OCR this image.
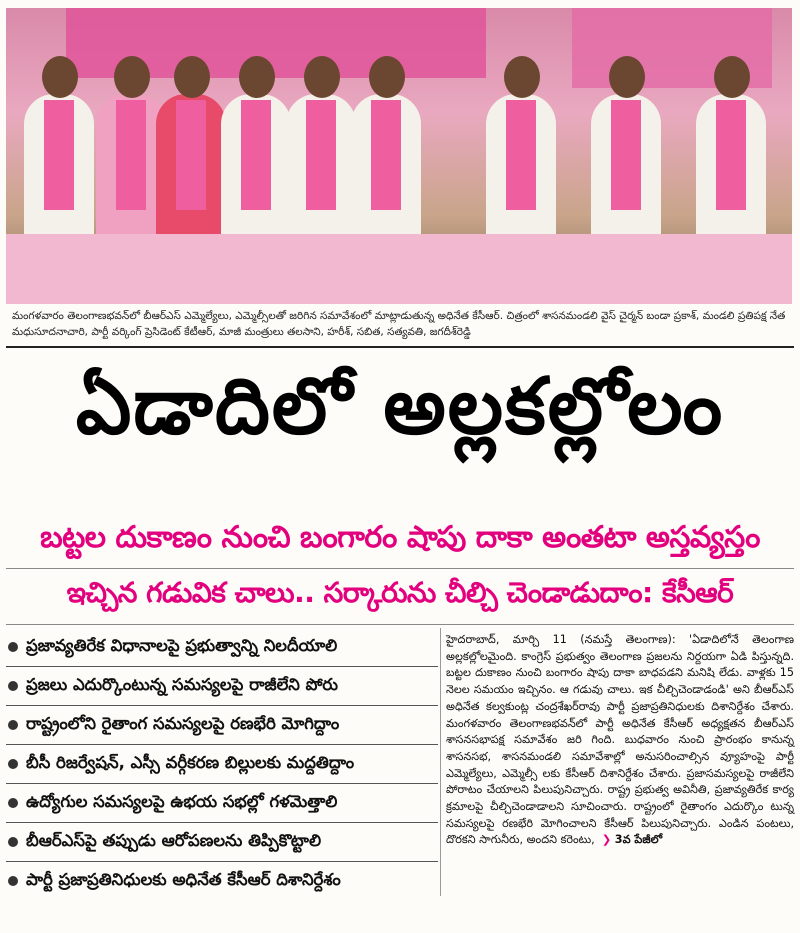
మంగళవారం తెలంగాణభవన్‌లో బీఆర్ఎస్ ఎమ్మెల్యేలు, ఎమ్మెల్సీలతో జరిగిన సమావేశంలో మాట్లాడుతున్న అధినేత కేసీఆర్. చిత్రంలో శాసనమండలి వైస్ చైర్మన్ బండా ప్రకాశ్, మండలి ప్రతిపక్ష నేత మధుసూదనాచారి, పార్టీ వర్కింగ్ ప్రెసిడెంట్ కేటీఆర్, మాజీ మంత్రులు తలసాని, హరీశ్, సబిత, సత్యవతి, జగదీశ్‌రెడ్డి
ఏడాదిలో అల్లకల్లోలం
బట్టల దుకాణం నుంచి బంగారం షాపు దాకా అంతటా అస్తవ్యస్తం
ఇచ్చిన గడువిక చాలు.. సర్కారును చీల్చి చెండాడుదాం: కేసీఆర్
ప్రజావ్యతిరేక విధానాలపై ప్రభుత్వాన్ని నిలదీయాలి
ప్రజలు ఎదుర్కొంటున్న సమస్యలపై రాజీలేని పోరు
రాష్ట్రంలోని రైతాంగ సమస్యలపై రణభేరి మోగిద్దాం
బీసీ రిజర్వేషన్, ఎస్సీ వర్గీకరణ బిల్లులకు మద్దతిద్దాం
ఉద్యోగుల సమస్యలపై ఉభయ సభల్లో గళమెత్తాలి
బీఆర్ఎస్‌పై తప్పుడు ఆరోపణలను తిప్పికొట్టాలి
పార్టీ ప్రజాప్రతినిధులకు అధినేత కేసీఆర్ దిశానిర్దేశం
హైదరాబాద్, మార్చి 11 (నమస్తే తెలంగాణ): 'ఏడాదిలోనే తెలంగాణ అల్లకల్లోలమైంది. కాంగ్రెస్ ప్రభుత్వం తెలంగాణ ప్రజలను నిర్దయగా ఏడి పిస్తున్నది. బట్టల దుకాణం నుంచి బంగారం షాపు దాకా బాధపడని మనిషి లేడు. వాళ్లకు 15 నెలల సమయం ఇచ్చినం. ఆ గడువు చాలు. ఇక చీల్చిచెండాడండి' అని బీఆర్ఎస్ అధినేత కల్వకుంట్ల చంద్రశేఖర్‌రావు పార్టీ ప్రజాప్రతినిధులకు దిశానిర్దేశం చేశారు. మంగళవారం తెలంగాణభవన్‌లో పార్టీ అధినేత కేసీఆర్ అధ్యక్షతన బీఆర్ఎస్ శాసనసభాపక్ష సమావేశం జరి గింది. బుధవారం నుంచి ప్రారంభం కానున్న శాసనసభ, శాసనమండలి సమావేశాల్లో అనుసరించాల్సిన వ్యూహంపై పార్టీ ఎమ్మెల్యేలు, ఎమ్మెల్సీ లకు కేసీఆర్ దిశానిర్దేశం చేశారు. ప్రజాసమస్యలపై రాజీలేని పోరాటం చేయాలని పిలుపునిచ్చారు. రాష్ట్ర ప్రభుత్వ అవినీతి, ప్రజావ్యతిరేక కార్య క్రమాలపై చీల్చిచెండాడాలని సూచించారు. రాష్ట్రంలో రైతాంగం ఎదుర్కొం టున్న సమస్యలపై రణభేరి మోగించాలని కేసీఆర్ పిలుపునిచ్చారు. ఎండిన పంటలు, దొరకని సాగునీరు, అందని కరెంటు,  ❯ 3వ పేజీలో
